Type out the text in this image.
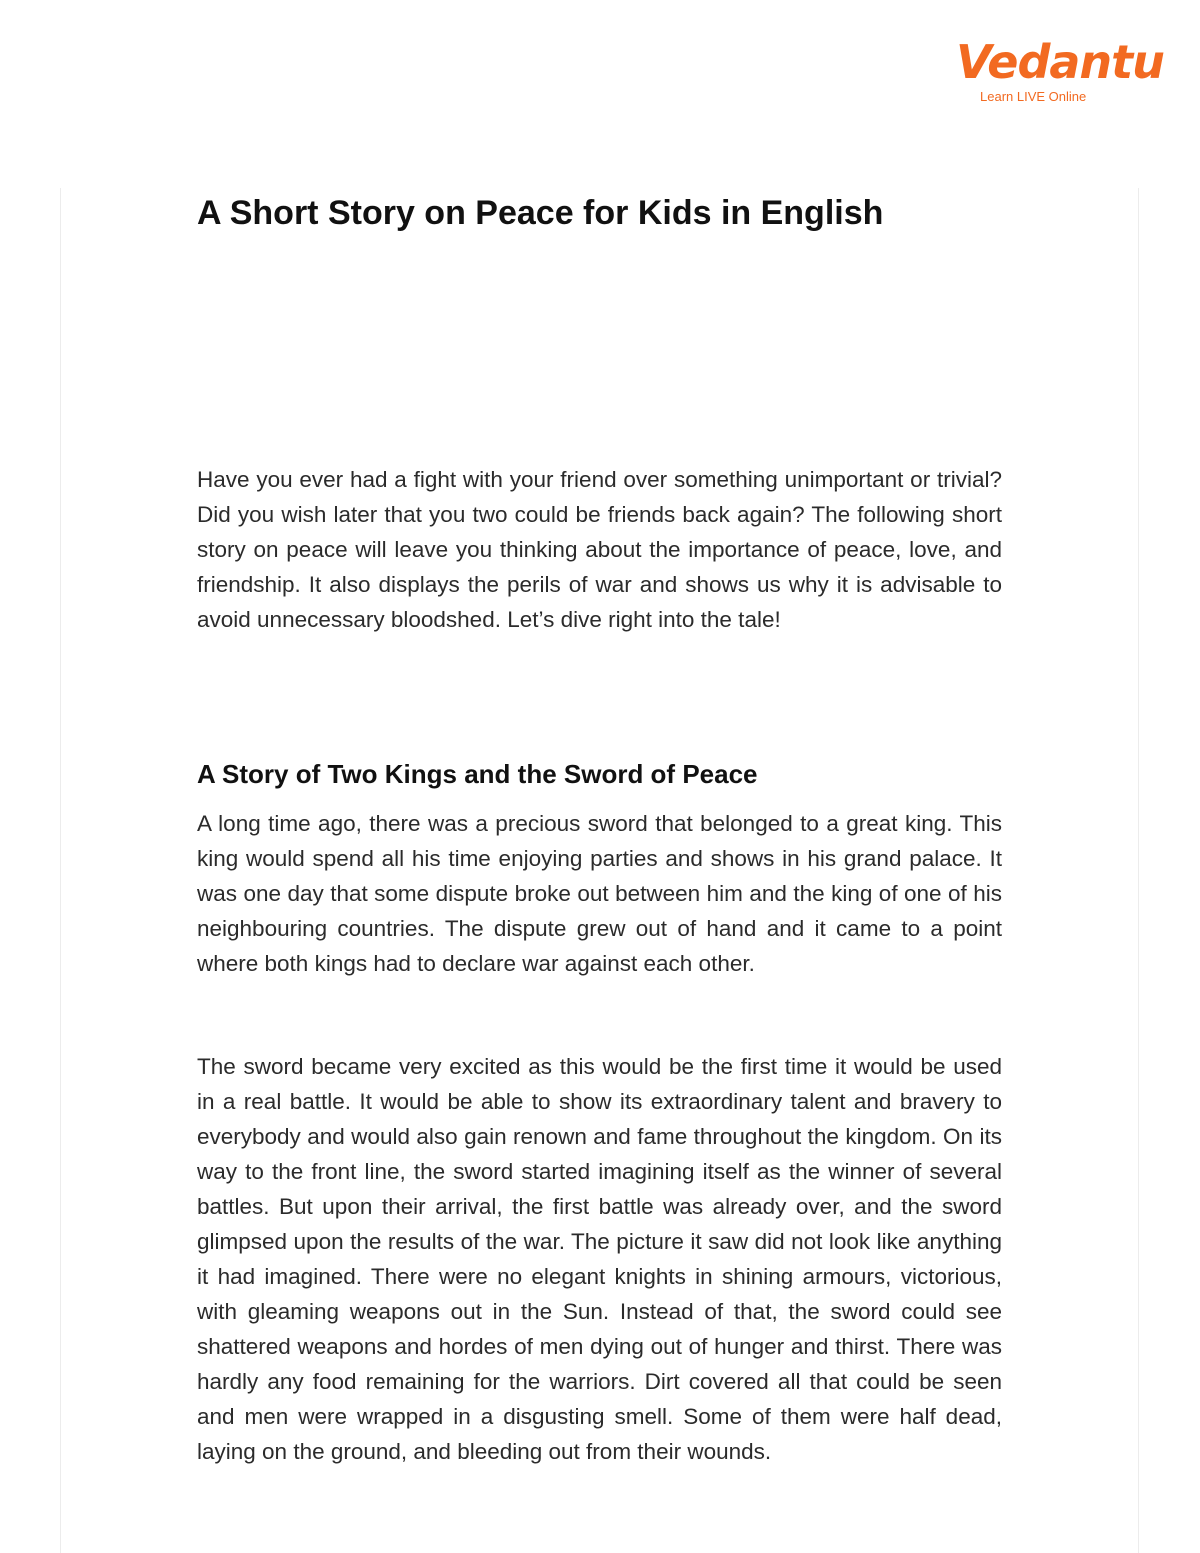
Vedantu
Learn LIVE Online
A Short Story on Peace for Kids in English

Have you ever had a fight with your friend over something unimportant or trivial? Did you wish later that you two could be friends back again? The following short story on peace will leave you thinking about the importance of peace, love, and friendship. It also displays the perils of war and shows us why it is advisable to avoid unnecessary bloodshed. Let’s dive right into the tale!

A Story of Two Kings and the Sword of Peace

A long time ago, there was a precious sword that belonged to a great king. This king would spend all his time enjoying parties and shows in his grand palace. It was one day that some dispute broke out between him and the king of one of his neighbouring countries. The dispute grew out of hand and it came to a point where both kings had to declare war against each other.

The sword became very excited as this would be the first time it would be used in a real battle. It would be able to show its extraordinary talent and bravery to everybody and would also gain renown and fame throughout the kingdom. On its way to the front line, the sword started imagining itself as the winner of several battles. But upon their arrival, the first battle was already over, and the sword glimpsed upon the results of the war. The picture it saw did not look like anything it had imagined. There were no elegant knights in shining armours, victorious, with gleaming weapons out in the Sun. Instead of that, the sword could see shattered weapons and hordes of men dying out of hunger and thirst. There was hardly any food remaining for the warriors. Dirt covered all that could be seen and men were wrapped in a disgusting smell. Some of them were half dead, laying on the ground, and bleeding out from their wounds.
